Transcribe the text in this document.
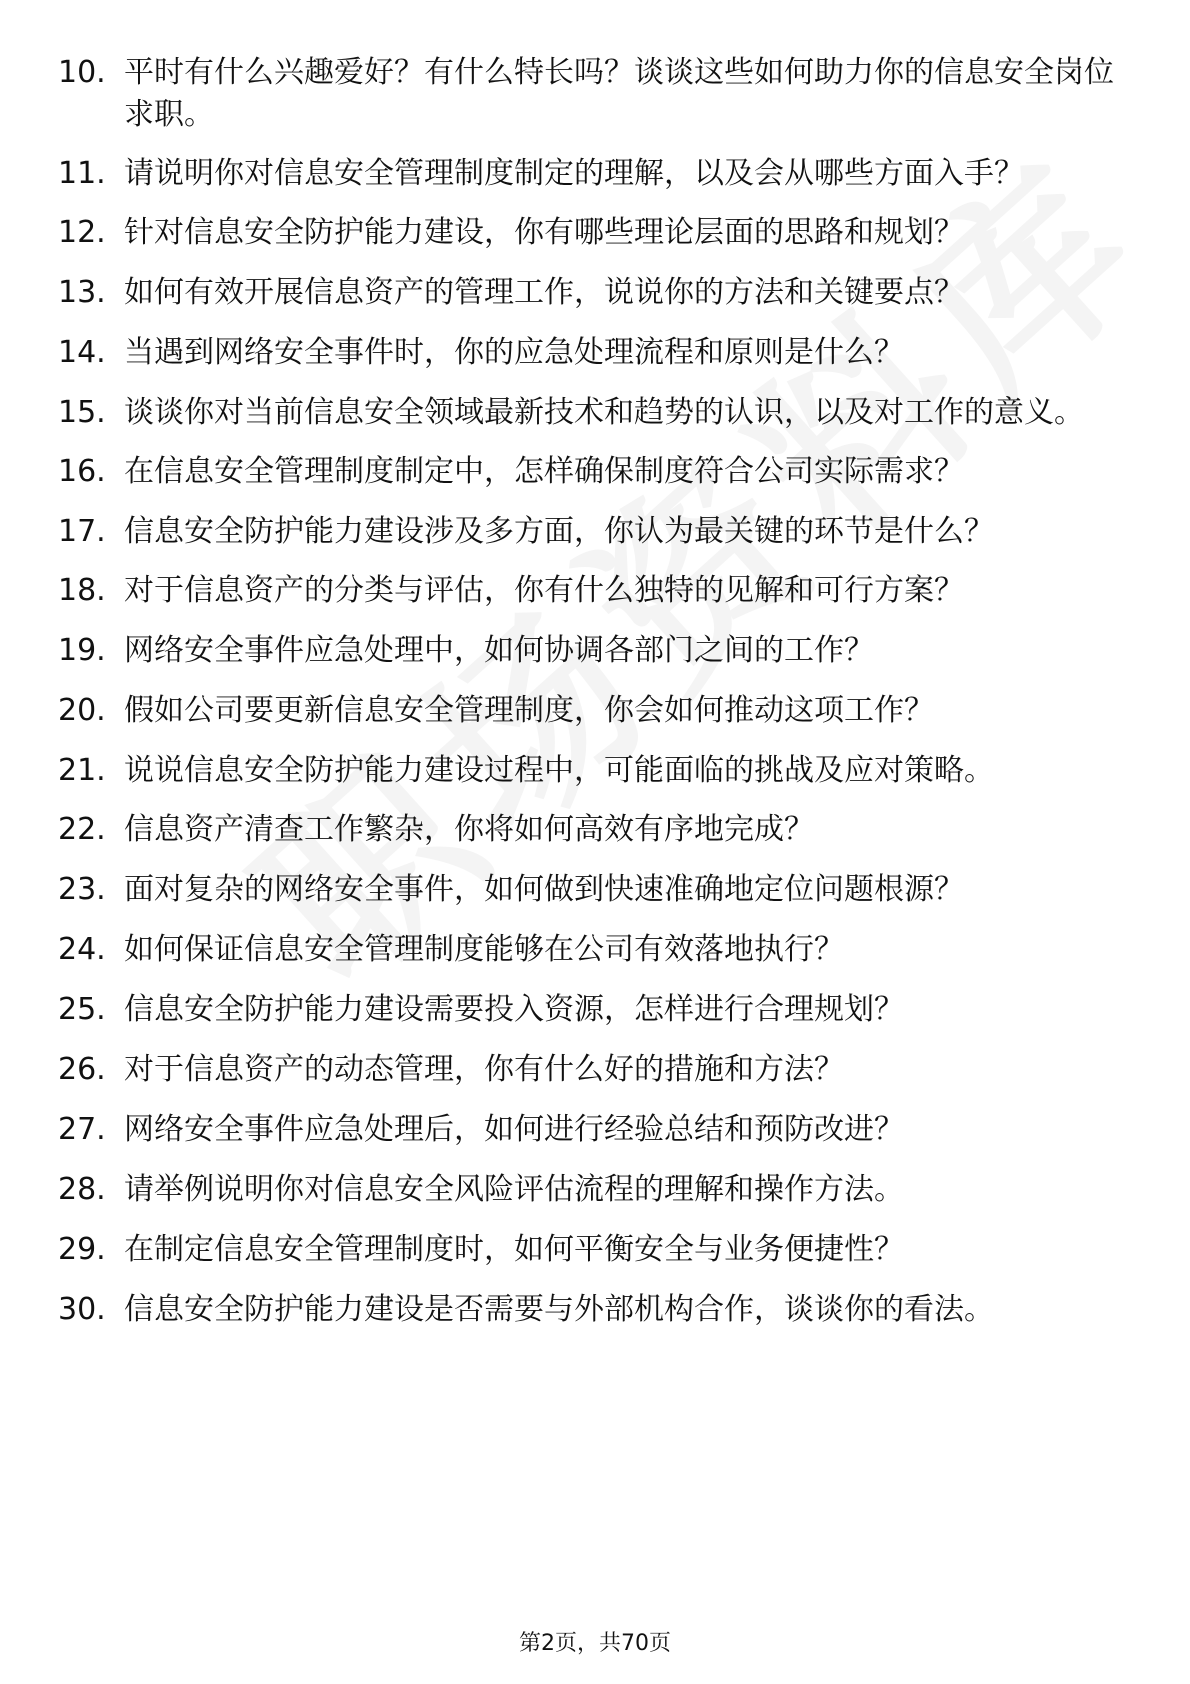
10. 平时有什么兴趣爱好？有什么特长吗？谈谈这些如何助力你的信息安全岗位求职。
11. 请说明你对信息安全管理制度制定的理解，以及会从哪些方面入手？
12. 针对信息安全防护能力建设，你有哪些理论层面的思路和规划？
13. 如何有效开展信息资产的管理工作，说说你的方法和关键要点？
14. 当遇到网络安全事件时，你的应急处理流程和原则是什么？
15. 谈谈你对当前信息安全领域最新技术和趋势的认识，以及对工作的意义。
16. 在信息安全管理制度制定中，怎样确保制度符合公司实际需求？
17. 信息安全防护能力建设涉及多方面，你认为最关键的环节是什么？
18. 对于信息资产的分类与评估，你有什么独特的见解和可行方案？
19. 网络安全事件应急处理中，如何协调各部门之间的工作？
20. 假如公司要更新信息安全管理制度，你会如何推动这项工作？
21. 说说信息安全防护能力建设过程中，可能面临的挑战及应对策略。
22. 信息资产清查工作繁杂，你将如何高效有序地完成？
23. 面对复杂的网络安全事件，如何做到快速准确地定位问题根源？
24. 如何保证信息安全管理制度能够在公司有效落地执行？
25. 信息安全防护能力建设需要投入资源，怎样进行合理规划？
26. 对于信息资产的动态管理，你有什么好的措施和方法？
27. 网络安全事件应急处理后，如何进行经验总结和预防改进？
28. 请举例说明你对信息安全风险评估流程的理解和操作方法。
29. 在制定信息安全管理制度时，如何平衡安全与业务便捷性？
30. 信息安全防护能力建设是否需要与外部机构合作，谈谈你的看法。
第2页，共70页
